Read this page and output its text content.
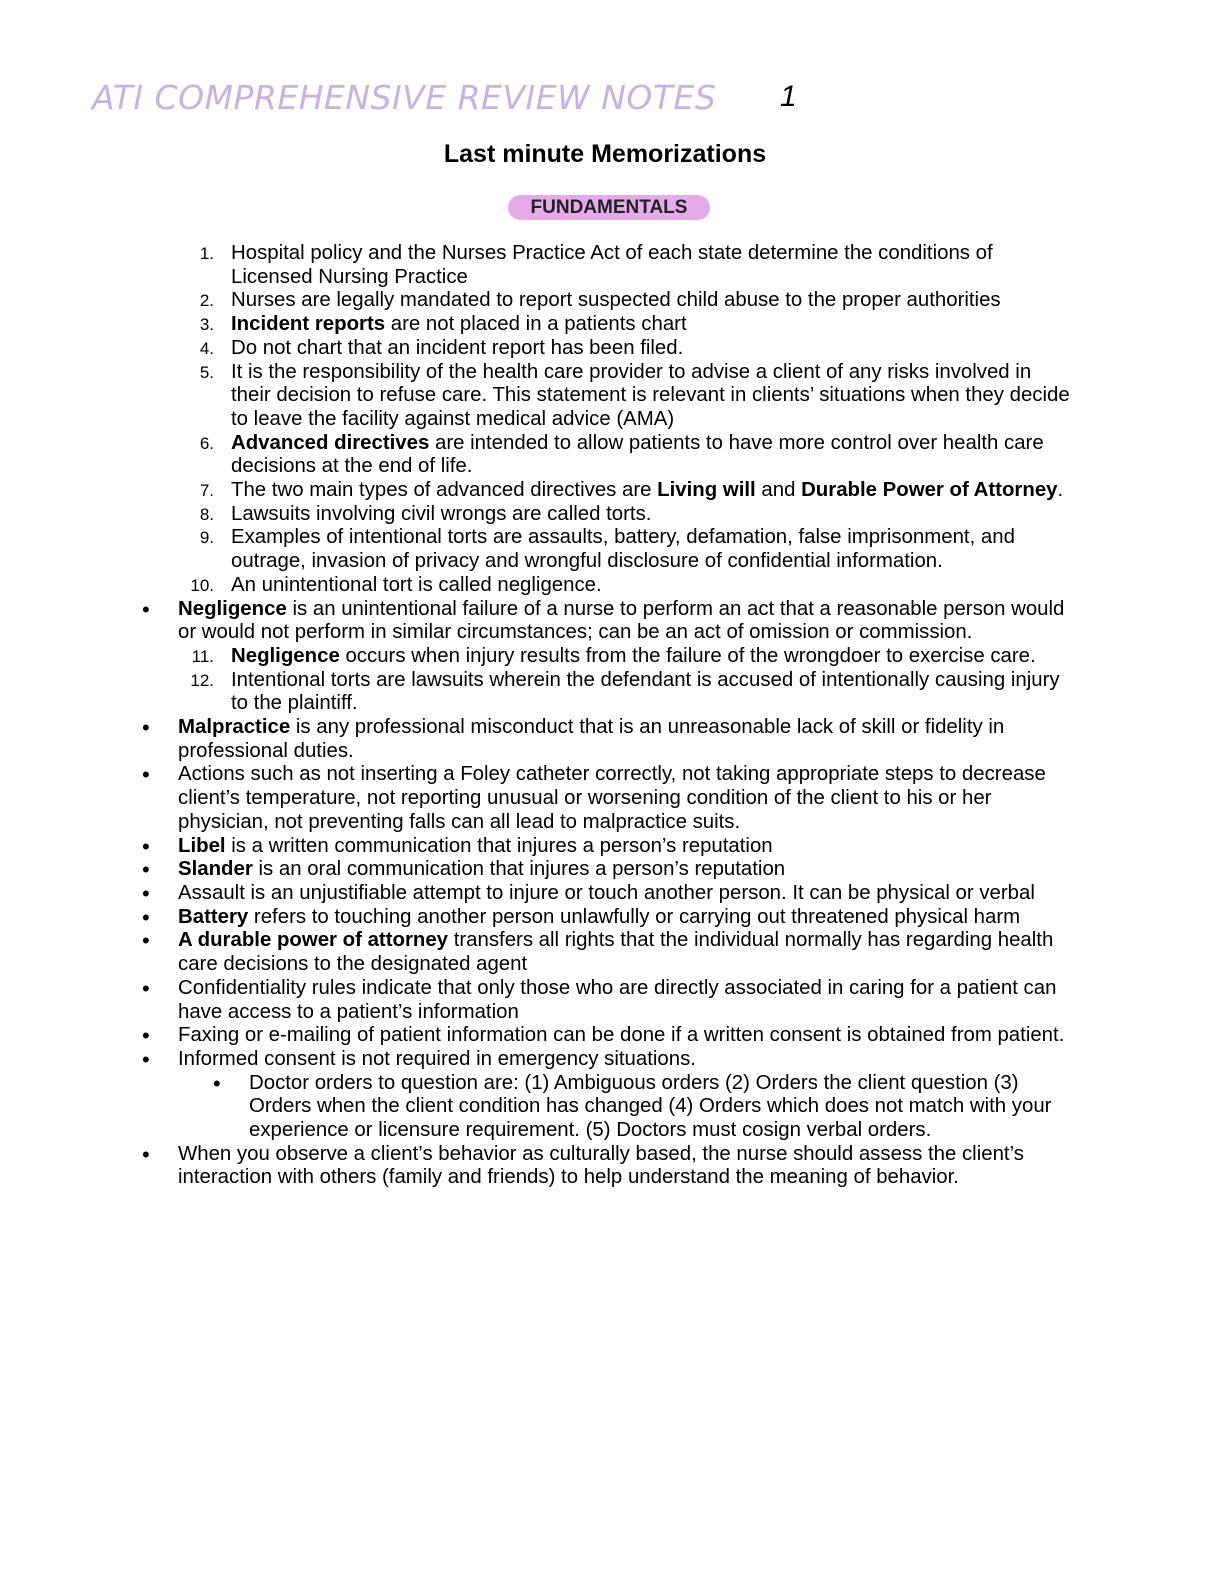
ATI COMPREHENSIVE REVIEW NOTES 1
Last minute Memorizations
FUNDAMENTALS
1. Hospital policy and the Nurses Practice Act of each state determine the conditions of Licensed Nursing Practice
2. Nurses are legally mandated to report suspected child abuse to the proper authorities
3. Incident reports are not placed in a patients chart
4. Do not chart that an incident report has been filed.
5. It is the responsibility of the health care provider to advise a client of any risks involved in their decision to refuse care. This statement is relevant in clients’ situations when they decide to leave the facility against medical advice (AMA)
6. Advanced directives are intended to allow patients to have more control over health care decisions at the end of life.
7. The two main types of advanced directives are Living will and Durable Power of Attorney.
8. Lawsuits involving civil wrongs are called torts.
9. Examples of intentional torts are assaults, battery, defamation, false imprisonment, and outrage, invasion of privacy and wrongful disclosure of confidential information.
10. An unintentional tort is called negligence.
• Negligence is an unintentional failure of a nurse to perform an act that a reasonable person would or would not perform in similar circumstances; can be an act of omission or commission.
11. Negligence occurs when injury results from the failure of the wrongdoer to exercise care.
12. Intentional torts are lawsuits wherein the defendant is accused of intentionally causing injury to the plaintiff.
• Malpractice is any professional misconduct that is an unreasonable lack of skill or fidelity in professional duties.
• Actions such as not inserting a Foley catheter correctly, not taking appropriate steps to decrease client’s temperature, not reporting unusual or worsening condition of the client to his or her physician, not preventing falls can all lead to malpractice suits.
• Libel is a written communication that injures a person’s reputation
• Slander is an oral communication that injures a person’s reputation
• Assault is an unjustifiable attempt to injure or touch another person. It can be physical or verbal
• Battery refers to touching another person unlawfully or carrying out threatened physical harm
• A durable power of attorney transfers all rights that the individual normally has regarding health care decisions to the designated agent
• Confidentiality rules indicate that only those who are directly associated in caring for a patient can have access to a patient’s information
• Faxing or e-mailing of patient information can be done if a written consent is obtained from patient.
• Informed consent is not required in emergency situations.
• Doctor orders to question are: (1) Ambiguous orders (2) Orders the client question (3) Orders when the client condition has changed (4) Orders which does not match with your experience or licensure requirement. (5) Doctors must cosign verbal orders.
• When you observe a client’s behavior as culturally based, the nurse should assess the client’s interaction with others (family and friends) to help understand the meaning of behavior.
